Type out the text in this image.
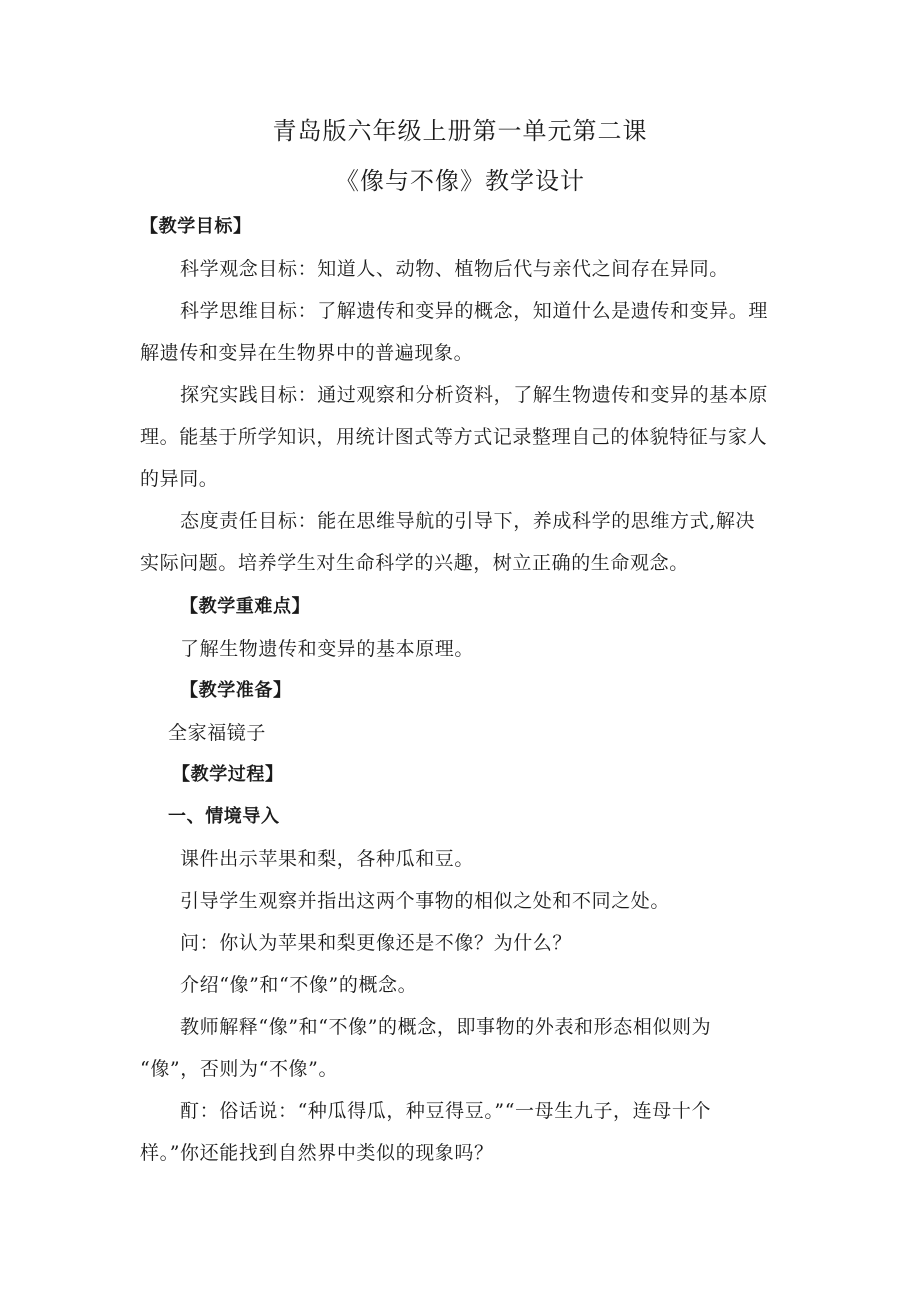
青岛版六年级上册第一单元第二课
《像与不像》教学设计
【教学目标】
科学观念目标：知道人、动物、植物后代与亲代之间存在异同。
科学思维目标：了解遗传和变异的概念，知道什么是遗传和变异。理
解遗传和变异在生物界中的普遍现象。
探究实践目标：通过观察和分析资料，了解生物遗传和变异的基本原
理。能基于所学知识，用统计图式等方式记录整理自己的体貌特征与家人
的异同。
态度责任目标：能在思维导航的引导下，养成科学的思维方式,解决
实际问题。培养学生对生命科学的兴趣，树立正确的生命观念。
【教学重难点】
了解生物遗传和变异的基本原理。
【教学准备】
全家福镜子
【教学过程】
一、情境导入
课件出示苹果和梨，各种瓜和豆。
引导学生观察并指出这两个事物的相似之处和不同之处。
问：你认为苹果和梨更像还是不像？为什么？
介绍“像”和“不像”的概念。
教师解释“像”和“不像”的概念，即事物的外表和形态相似则为
“像”，否则为“不像”。
酊：俗话说：“种瓜得瓜，种豆得豆。”“一母生九子，连母十个
样。”你还能找到自然界中类似的现象吗？
